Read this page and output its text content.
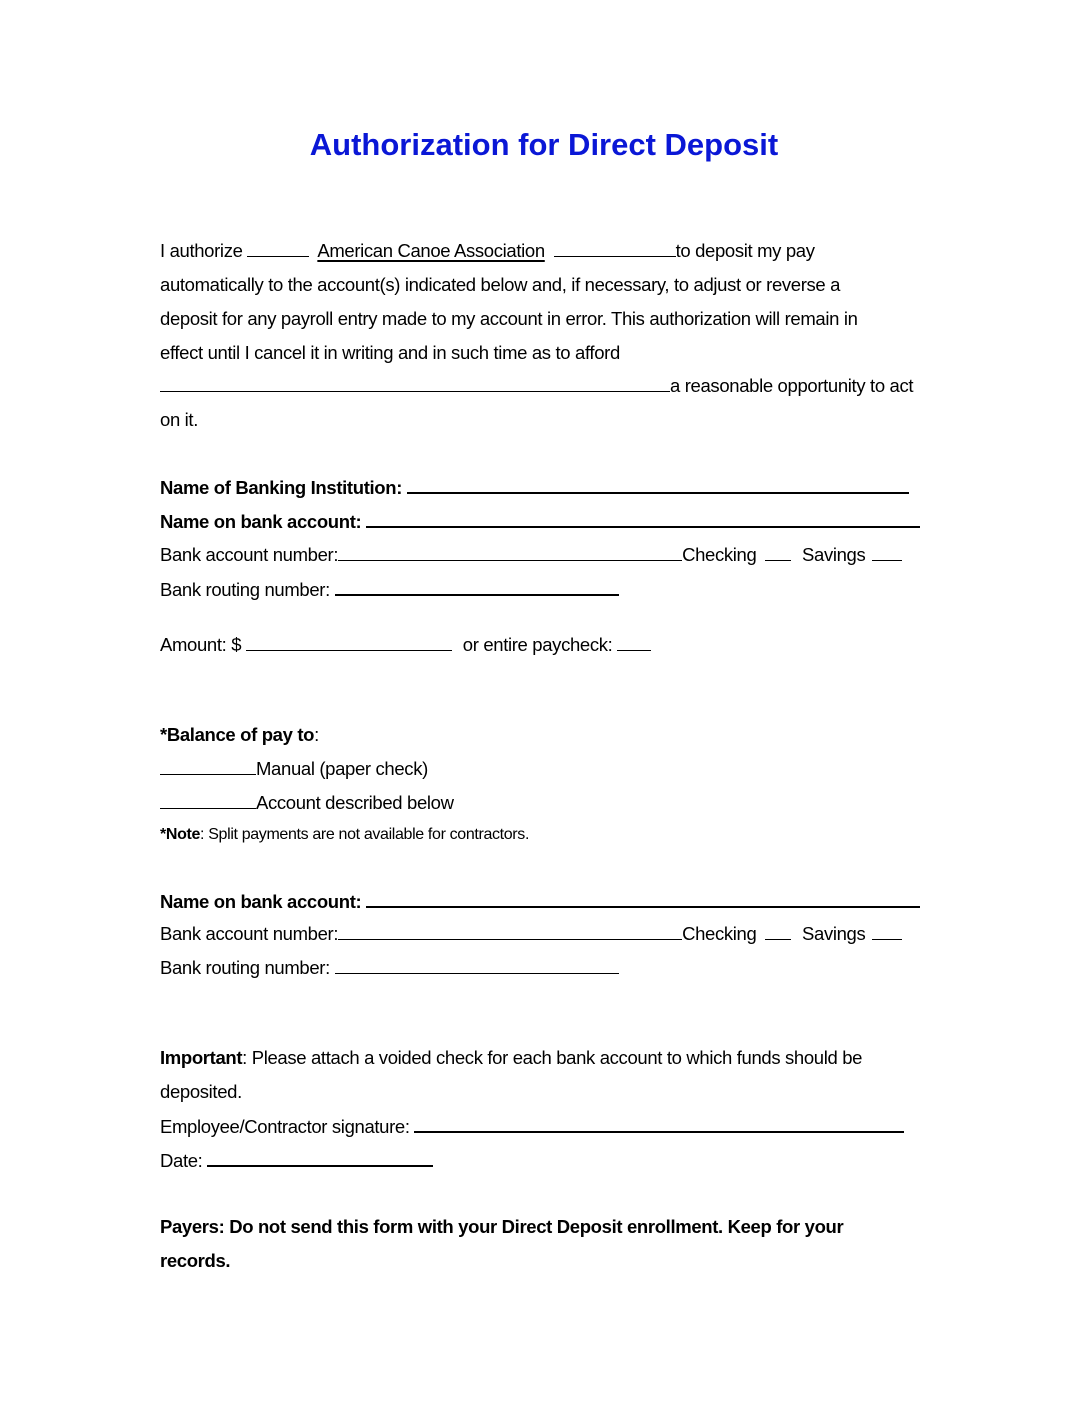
Authorization for Direct Deposit
I authorize	American Canoe Association	to deposit my pay
automatically to the account(s) indicated below and, if necessary, to adjust or reverse a
deposit for any payroll entry made to my account in error. This authorization will remain in
effect until I cancel it in writing and in such time as to afford
a reasonable opportunity to act
on it.
Name of Banking Institution:
Name on bank account:
Bank account number:	Checking Savings
Bank routing number:
Amount: $	or entire paycheck:
*Balance of pay to:
Manual (paper check)
Account described below
*Note: Split payments are not available for contractors.
Name on bank account:
Bank account number:	Checking Savings
Bank routing number:
Important: Please attach a voided check for each bank account to which funds should be
deposited.
Employee/Contractor signature:
Date:
Payers: Do not send this form with your Direct Deposit enrollment. Keep for your
records.
